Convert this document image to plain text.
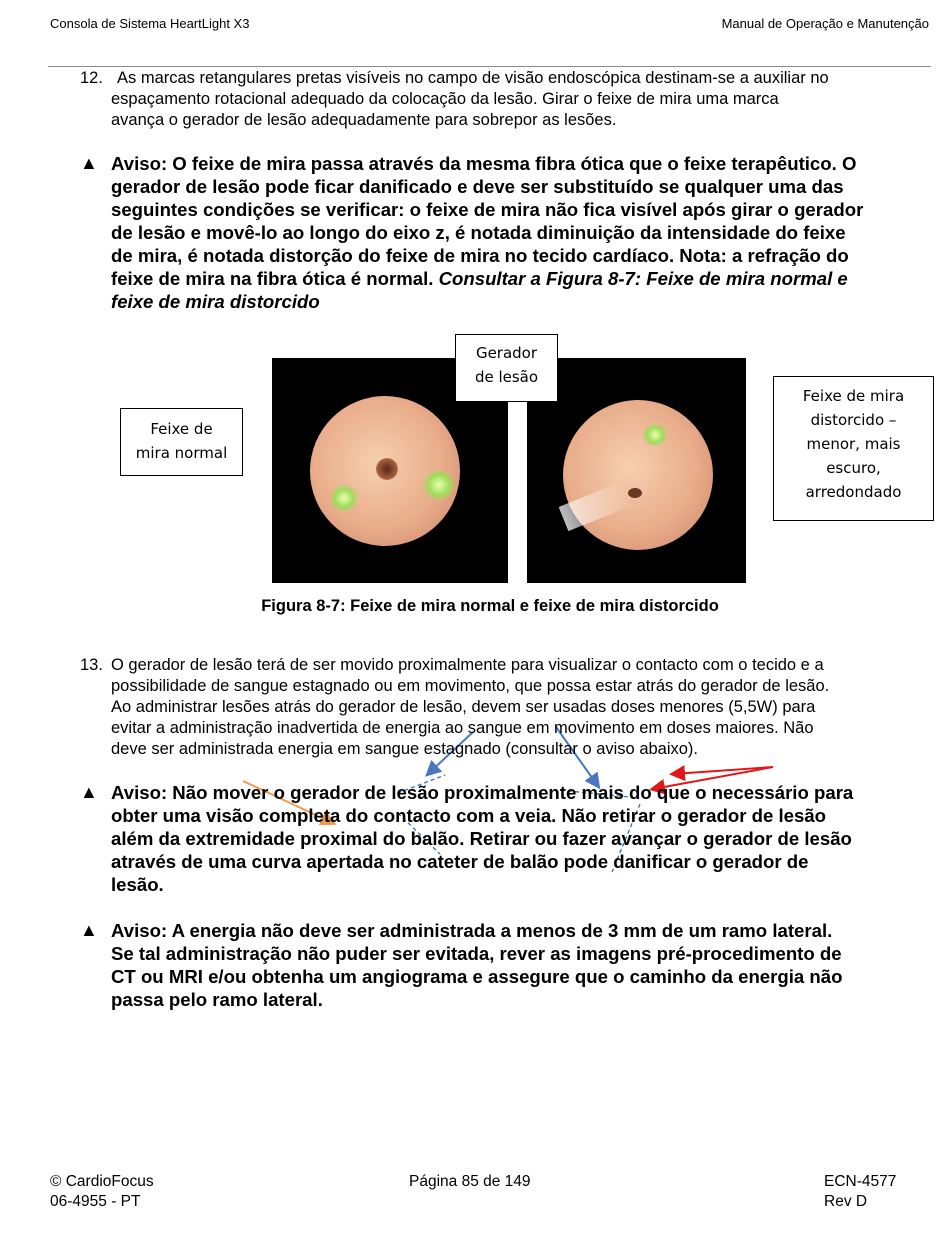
Consola de Sistema HeartLight X3	Manual de Operação e Manutenção
12. As marcas retangulares pretas visíveis no campo de visão endoscópica destinam-se a auxiliar no
espaçamento rotacional adequado da colocação da lesão. Girar o feixe de mira uma marca
avança o gerador de lesão adequadamente para sobrepor as lesões.
▲ Aviso: O feixe de mira passa através da mesma fibra ótica que o feixe terapêutico. O
gerador de lesão pode ficar danificado e deve ser substituído se qualquer uma das
seguintes condições se verificar: o feixe de mira não fica visível após girar o gerador
de lesão e movê-lo ao longo do eixo z, é notada diminuição da intensidade do feixe
de mira, é notada distorção do feixe de mira no tecido cardíaco. Nota: a refração do
feixe de mira na fibra ótica é normal. Consultar a Figura 8-7: Feixe de mira normal e
feixe de mira distorcido
Gerador
de lesão
Feixe de
mira normal
Feixe de mira
distorcido –
menor, mais
escuro,
arredondado
Figura 8-7: Feixe de mira normal e feixe de mira distorcido
13. O gerador de lesão terá de ser movido proximalmente para visualizar o contacto com o tecido e a
possibilidade de sangue estagnado ou em movimento, que possa estar atrás do gerador de lesão.
Ao administrar lesões atrás do gerador de lesão, devem ser usadas doses menores (5,5W) para
evitar a administração inadvertida de energia ao sangue em movimento em doses maiores. Não
deve ser administrada energia em sangue estagnado (consultar o aviso abaixo).
▲ Aviso: Não mover o gerador de lesão proximalmente mais do que o necessário para
obter uma visão completa do contacto com a veia. Não retirar o gerador de lesão
além da extremidade proximal do balão. Retirar ou fazer avançar o gerador de lesão
através de uma curva apertada no cateter de balão pode danificar o gerador de
lesão.
▲ Aviso: A energia não deve ser administrada a menos de 3 mm de um ramo lateral.
Se tal administração não puder ser evitada, rever as imagens pré-procedimento de
CT ou MRI e/ou obtenha um angiograma e assegure que o caminho da energia não
passa pelo ramo lateral.
© CardioFocus
06-4955 - PT
Página 85 de 149	ECN-4577
Rev D
